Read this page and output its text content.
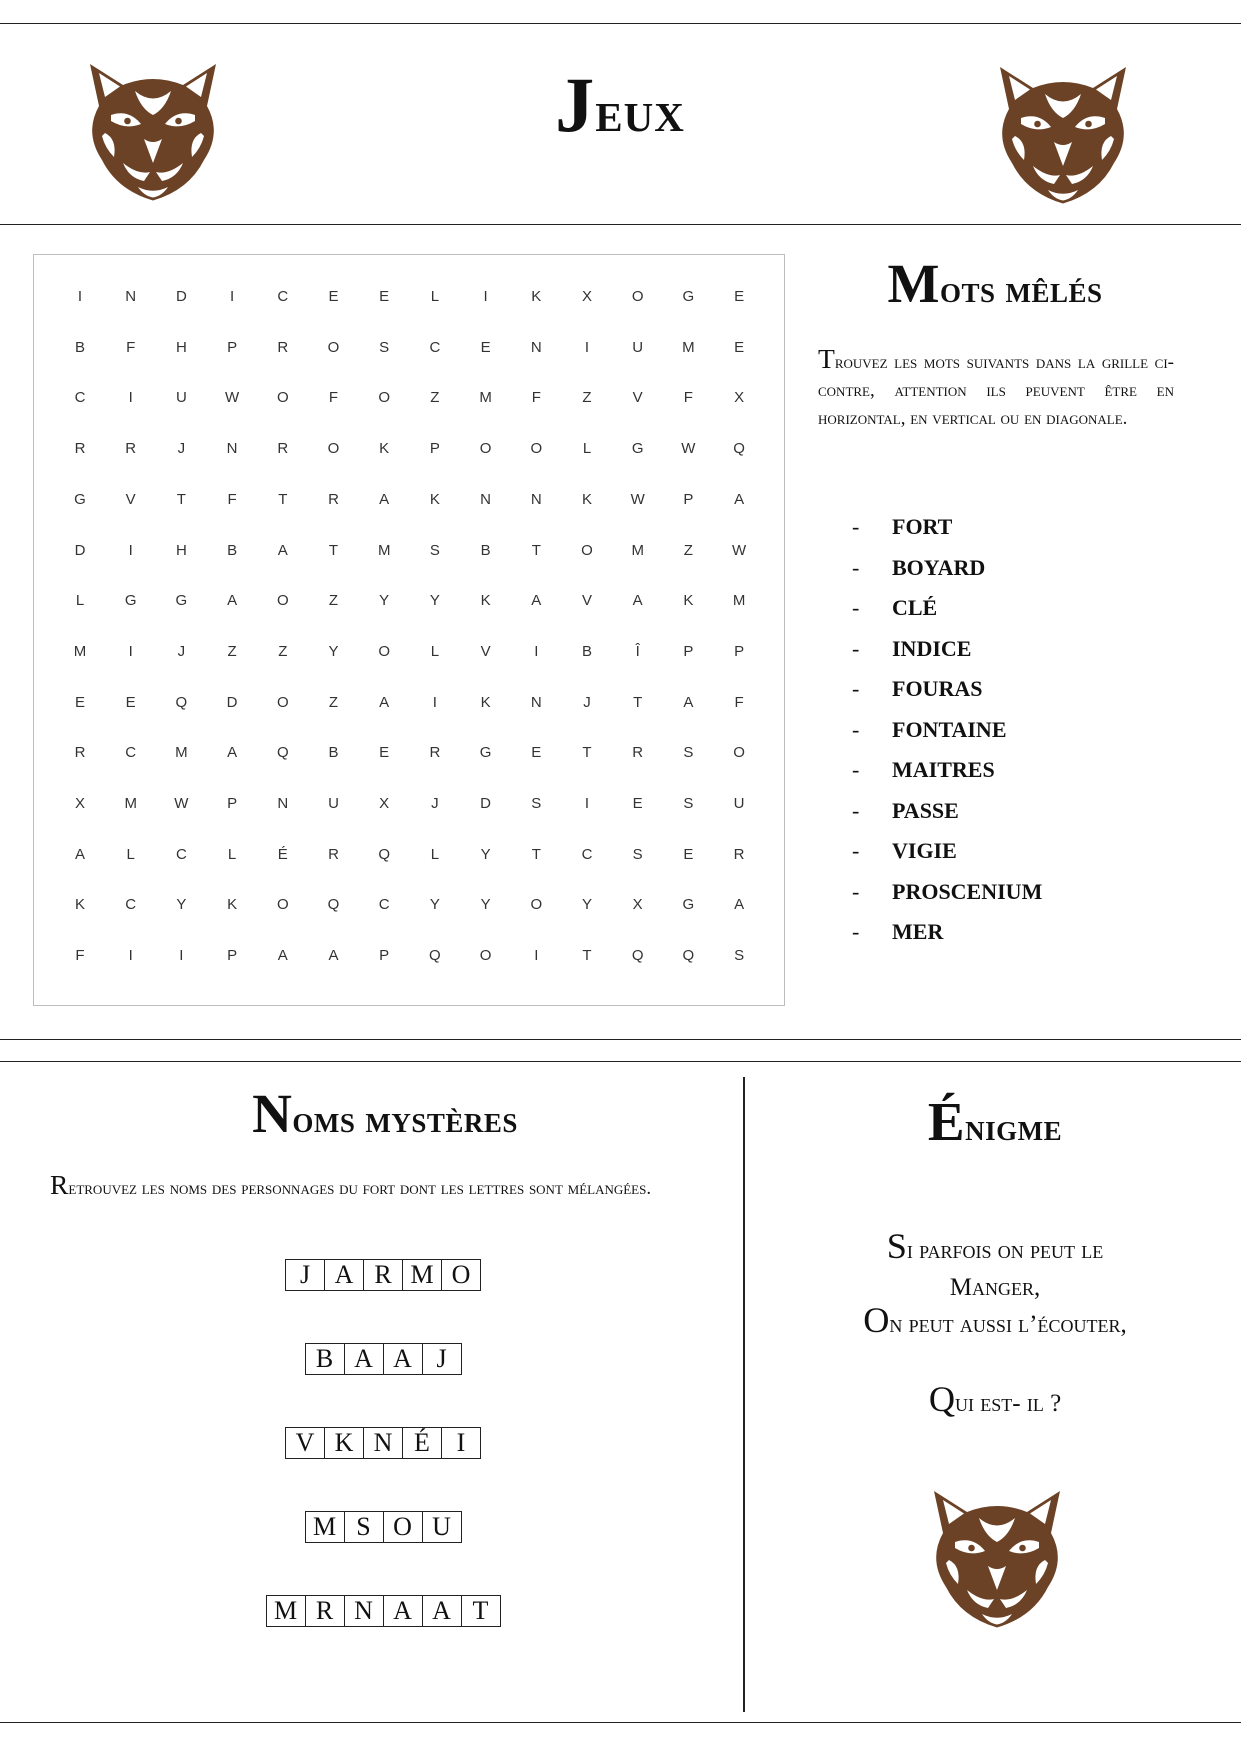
Jeux
I	N	D	I	C	E	E	L	I	K	X	O	G	E
B	F	H	P	R	O	S	C	E	N	I	U	M	E
C	I	U	W	O	F	O	Z	M	F	Z	V	F	X
R	R	J	N	R	O	K	P	O	O	L	G	W	Q
G	V	T	F	T	R	A	K	N	N	K	W	P	A
D	I	H	B	A	T	M	S	B	T	O	M	Z	W
L	G	G	A	O	Z	Y	Y	K	A	V	A	K	M
M	I	J	Z	Z	Y	O	L	V	I	B	Î	P	P
E	E	Q	D	O	Z	A	I	K	N	J	T	A	F
R	C	M	A	Q	B	E	R	G	E	T	R	S	O
X	M	W	P	N	U	X	J	D	S	I	E	S	U
A	L	C	L	É	R	Q	L	Y	T	C	S	E	R
K	C	Y	K	O	Q	C	Y	Y	O	Y	X	G	A
F	I	I	P	A	A	P	Q	O	I	T	Q	Q	S
Mots mêlés
Trouvez les mots suivants dans la grille ci- contre, attention ils peuvent être en horizontal, en vertical ou en diagonale.
-	FORT
-	BOYARD
-	CLÉ
-	INDICE
-	FOURAS
-	FONTAINE
-	MAITRES
-	PASSE
-	VIGIE
-	PROSCENIUM
-	MER
Noms mystères
Retrouvez les noms des personnages du fort dont les lettres sont mélangées.
J A R M O
B A A J
V K N É	I
M S O U
M R N A A T
Énigme
Si parfois on peut le
manger,
On peut aussi l’écouter,
Qui est- il ?
